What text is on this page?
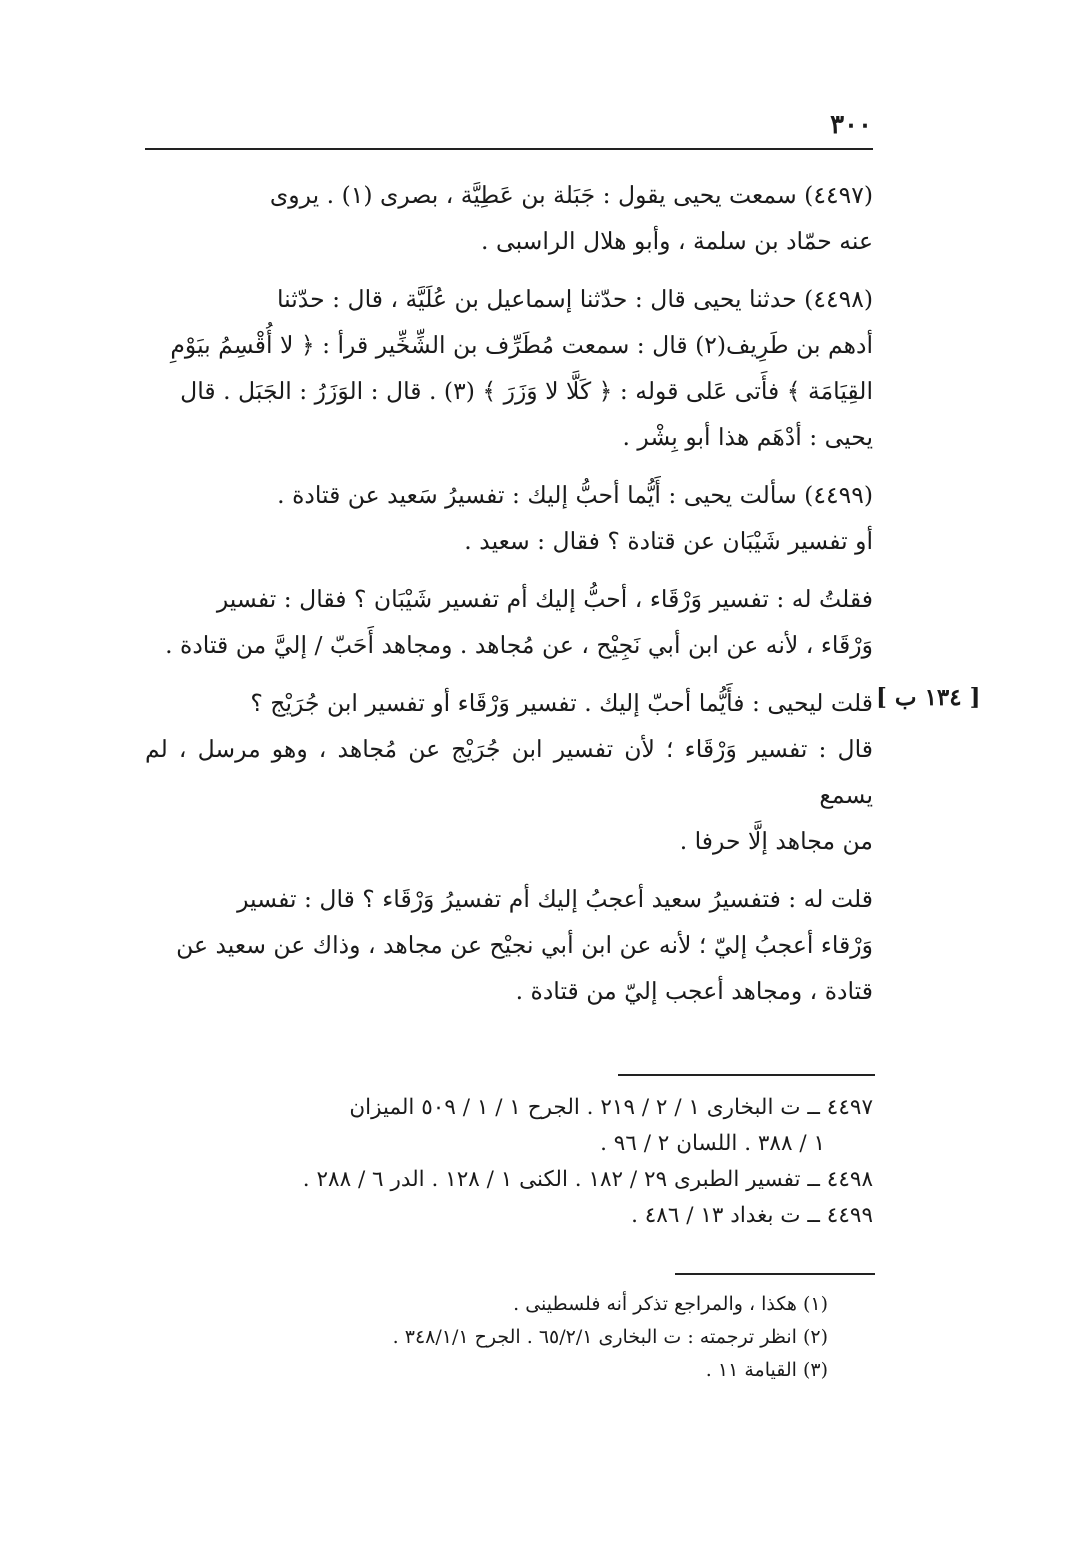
٣٠٠

(٤٤٩٧) سمعت يحيى يقول : جَبَلة بن عَطِيَّة ، بصرى (١) . يروى

عنه حمّاد بن سلمة ، وأبو هلال الراسبى .

(٤٤٩٨) حدثنا يحيى قال : حدّثنا إسماعيل بن عُلَيَّة ، قال : حدّثنا

أدهم بن طَرِيف(٢) قال : سمعت مُطَرِّف بن الشِّخِّير قرأ : ﴿ لا أُقْسِمُ بيَوْمِ

القِيَامَة ﴾ فأَتى عَلى قوله : ﴿ كَلَّا لا وَزَرَ ﴾ (٣) . قال : الوَزَرُ : الجَبَل . قال

يحيى : أدْهَم هذا أبو بِشْر .

(٤٤٩٩) سألت يحيى : أَيُّما أحبُّ إليك : تفسيرُ سَعيد عن قتادة .

أو تفسير شَيْبَان عن قتادة ؟ فقال : سعيد .

فقلتُ له : تفسير وَرْقَاء ، أحبُّ إليك أم تفسير شَيْبَان ؟ فقال : تفسير

وَرْقَاء ، لأنه عن ابن أبي نَجِيْح ، عن مُجاهد . ومجاهد أَحَبّ / إليَّ من قتادة .

قلت ليحيى : فأَيُّما أحبّ إليك . تفسير وَرْقَاء أو تفسير ابن جُرَيْج ؟

قال : تفسير وَرْقَاء ؛ لأن تفسير ابن جُرَيْج عن مُجاهد ، وهو مرسل ، لم يسمع

من مجاهد إلَّا حرفا .

قلت له : فتفسيرُ سعيد أعجبُ إليك أم تفسيرُ وَرْقَاء ؟ قال : تفسير

وَرْقاء أعجبُ إليّ ؛ لأنه عن ابن أبي نجيْح عن مجاهد ، وذاك عن سعيد عن

قتادة ، ومجاهد أعجب إليّ من قتادة .

[ ١٣٤ ب ]

٤٤٩٧ ــ ت البخارى ١ / ٢ / ٢١٩ . الجرح ١ / ١ / ٥٠٩ الميزان

١ / ٣٨٨ . اللسان ٢ / ٩٦ .

٤٤٩٨ ــ تفسير الطبرى ٢٩ / ١٨٢ . الكنى ١ / ١٢٨ . الدر ٦ / ٢٨٨ .

٤٤٩٩ ــ ت بغداد ١٣ / ٤٨٦ .

(١) هكذا ، والمراجع تذكر أنه فلسطينى .

(٢) انظر ترجمته : ت البخارى ٦٥/٢/١ . الجرح ٣٤٨/١/١ .

(٣) القيامة ١١ .
